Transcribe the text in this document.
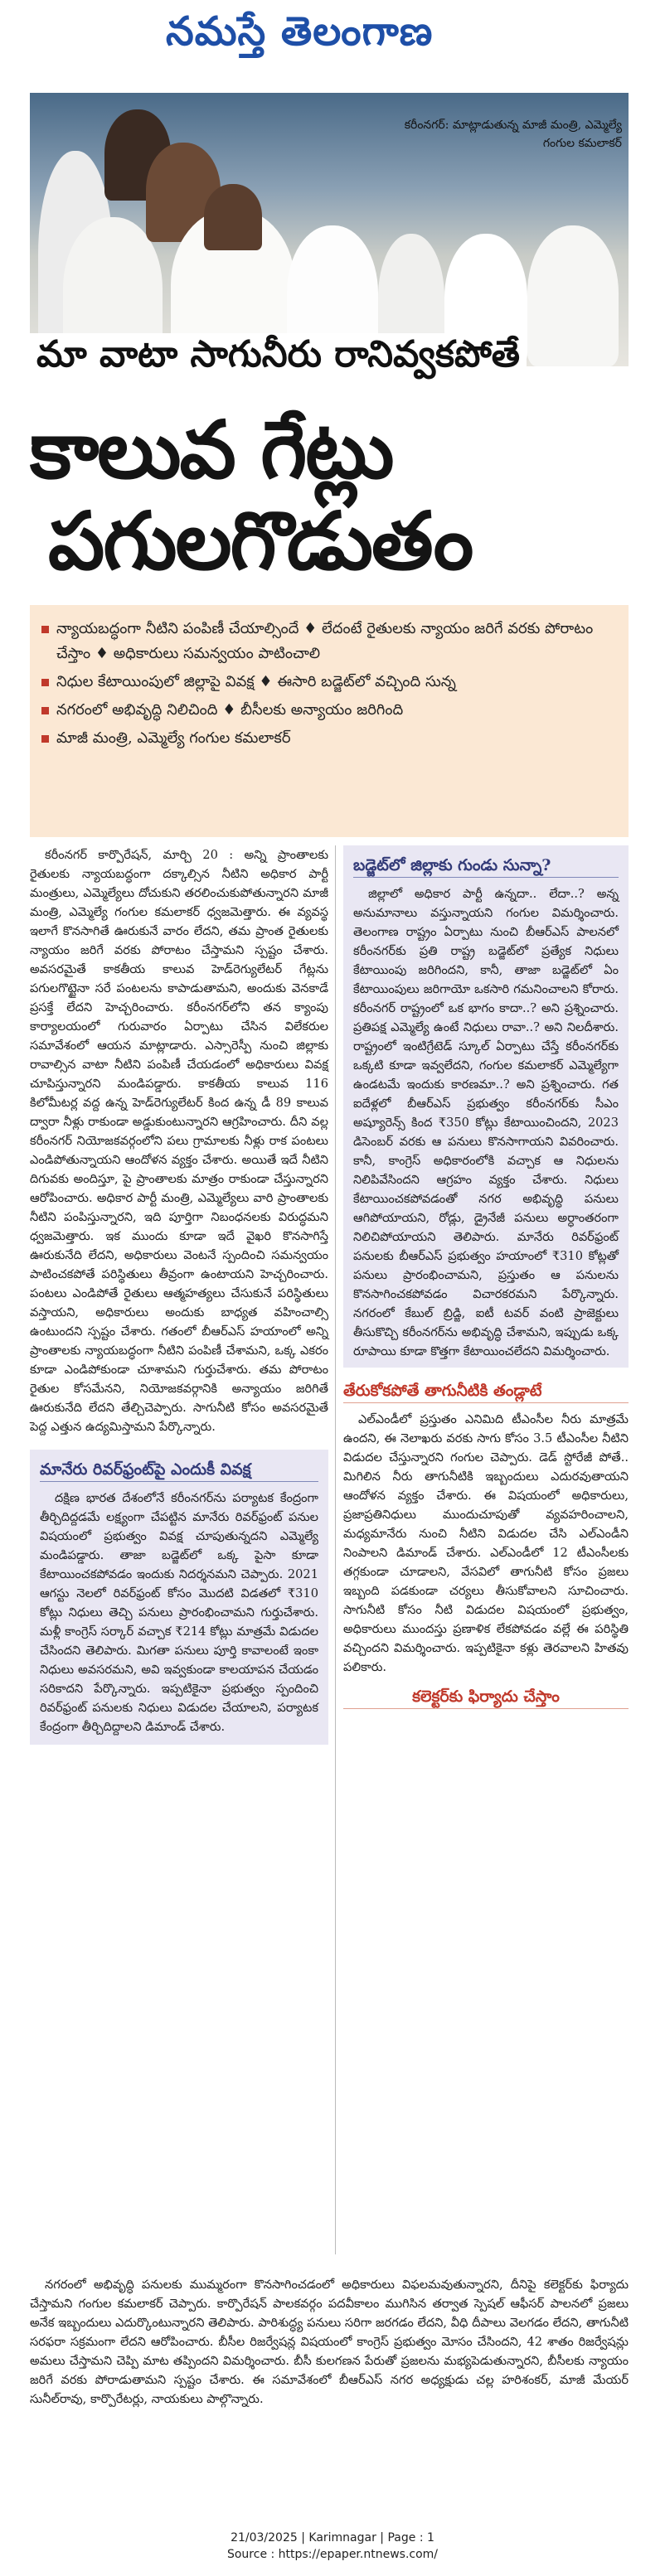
నమస్తే తెలంగాణ
కరీంనగర్: మాట్లాడుతున్న మాజీ మంత్రి, ఎమ్మెల్యే గంగుల కమలాకర్
మా వాటా సాగునీరు రానివ్వకపోతే
కాలువ గేట్లు
పగులగొడుతం
న్యాయబద్ధంగా నీటిని పంపిణీ చేయాల్సిందే ♦ లేదంటే రైతులకు న్యాయం జరిగే వరకు పోరాటం చేస్తాం ♦ అధికారులు సమన్వయం పాటించాలి
నిధుల కేటాయింపులో జిల్లాపై వివక్ష ♦ ఈసారి బడ్జెట్‌లో వచ్చింది సున్న
నగరంలో అభివృద్ధి నిలిచింది ♦ బీసీలకు అన్యాయం జరిగింది
మాజీ మంత్రి, ఎమ్మెల్యే గంగుల కమలాకర్

కరీంనగర్ కార్పొరేషన్, మార్చి 20 : అన్ని ప్రాంతాలకు రైతులకు న్యాయబద్ధంగా దక్కాల్సిన నీటిని అధికార పార్టీ మంత్రులు, ఎమ్మెల్యేలు దోచుకుని తరలించుకుపోతున్నారని మాజీ మంత్రి, ఎమ్మెల్యే గంగుల కమలాకర్ ధ్వజమెత్తారు. ఈ వ్యవస్థ ఇలాగే కొనసాగితే ఊరుకునే వారం లేదని, తమ ప్రాంత రైతులకు న్యాయం జరిగే వరకు పోరాటం చేస్తామని స్పష్టం చేశారు. అవసరమైతే కాకతీయ కాలువ హెడ్‌రెగ్యులేటర్ గేట్లను పగులగొట్టైనా సరే పంటలను కాపాడుతామని, అందుకు వెనకాడే ప్రసక్తే లేదని హెచ్చరించారు. కరీంనగర్‌లోని తన క్యాంపు కార్యాలయంలో గురువారం ఏర్పాటు చేసిన విలేకరుల సమావేశంలో ఆయన మాట్లాడారు. ఎస్సారెస్పీ నుంచి జిల్లాకు రావాల్సిన వాటా నీటిని పంపిణీ చేయడంలో అధికారులు వివక్ష చూపిస్తున్నారని మండిపడ్డారు. కాకతీయ కాలువ 116 కిలోమీటర్ల వద్ద ఉన్న హెడ్‌రెగ్యులేటర్ కింద ఉన్న డీ 89 కాలువ ద్వారా నీళ్లు రాకుండా అడ్డుకుంటున్నారని ఆగ్రహించారు. దీని వల్ల కరీంనగర్ నియోజకవర్గంలోని పలు గ్రామాలకు నీళ్లు రాక పంటలు ఎండిపోతున్నాయని ఆందోళన వ్యక్తం చేశారు. అయితే ఇదే నీటిని దిగువకు అందిస్తూ, పై ప్రాంతాలకు మాత్రం రాకుండా చేస్తున్నారని ఆరోపించారు. అధికార పార్టీ మంత్రి, ఎమ్మెల్యేలు వారి ప్రాంతాలకు నీటిని పంపిస్తున్నారని, ఇది పూర్తిగా నిబంధనలకు విరుద్ధమని ధ్వజమెత్తారు. ఇక ముందు కూడా ఇదే వైఖరి కొనసాగిస్తే ఊరుకునేది లేదని, అధికారులు వెంటనే స్పందించి సమన్వయం పాటించకపోతే పరిస్థితులు తీవ్రంగా ఉంటాయని హెచ్చరించారు. పంటలు ఎండిపోతే రైతులు ఆత్మహత్యలు చేసుకునే పరిస్థితులు వస్తాయని, అధికారులు అందుకు బాధ్యత వహించాల్సి ఉంటుందని స్పష్టం చేశారు. గతంలో బీఆర్‌ఎస్ హయాంలో అన్ని ప్రాంతాలకు న్యాయబద్ధంగా నీటిని పంపిణీ చేశామని, ఒక్క ఎకరం కూడా ఎండిపోకుండా చూశామని గుర్తుచేశారు. తమ పోరాటం రైతుల కోసమేనని, నియోజకవర్గానికి అన్యాయం జరిగితే ఊరుకునేది లేదని తేల్చిచెప్పారు. సాగునీటి కోసం అవసరమైతే పెద్ద ఎత్తున ఉద్యమిస్తామని పేర్కొన్నారు.

మానేరు రివర్‌ఫ్రంట్‌పై ఎందుకీ వివక్ష

దక్షిణ భారత దేశంలోనే కరీంనగర్‌ను పర్యాటక కేంద్రంగా తీర్చిదిద్దడమే లక్ష్యంగా చేపట్టిన మానేరు రివర్‌ఫ్రంట్ పనుల విషయంలో ప్రభుత్వం వివక్ష చూపుతున్నదని ఎమ్మెల్యే మండిపడ్డారు. తాజా బడ్జెట్‌లో ఒక్క పైసా కూడా కేటాయించకపోవడం ఇందుకు నిదర్శనమని చెప్పారు. 2021 ఆగస్టు నెలలో రివర్‌ఫ్రంట్ కోసం మొదటి విడతలో ₹310 కోట్లు నిధులు తెచ్చి పనులు ప్రారంభించామని గుర్తుచేశారు. మళ్లీ కాంగ్రెస్ సర్కార్ వచ్చాక ₹214 కోట్లు మాత్రమే విడుదల చేసిందని తెలిపారు. మిగతా పనులు పూర్తి కావాలంటే ఇంకా నిధులు అవసరమని, అవి ఇవ్వకుండా కాలయాపన చేయడం సరికాదని పేర్కొన్నారు. ఇప్పటికైనా ప్రభుత్వం స్పందించి రివర్‌ఫ్రంట్ పనులకు నిధులు విడుదల చేయాలని, పర్యాటక కేంద్రంగా తీర్చిదిద్దాలని డిమాండ్ చేశారు.

బడ్జెట్‌లో జిల్లాకు గుండు సున్నా?

జిల్లాలో అధికార పార్టీ ఉన్నదా.. లేదా..? అన్న అనుమానాలు వస్తున్నాయని గంగుల విమర్శించారు. తెలంగాణ రాష్ట్రం ఏర్పాటు నుంచి బీఆర్‌ఎస్ పాలనలో కరీంనగర్‌కు ప్రతి రాష్ట్ర బడ్జెట్‌లో ప్రత్యేక నిధులు కేటాయింపు జరిగిందని, కానీ, తాజా బడ్జెట్‌లో ఏం కేటాయింపులు జరిగాయో ఒకసారి గమనించాలని కోరారు. కరీంనగర్ రాష్ట్రంలో ఒక భాగం కాదా..? అని ప్రశ్నించారు. ప్రతిపక్ష ఎమ్మెల్యే ఉంటే నిధులు రావా..? అని నిలదీశారు. రాష్ట్రంలో ఇంటిగ్రేటెడ్ స్కూల్ ఏర్పాటు చేస్తే కరీంనగర్‌కు ఒక్కటి కూడా ఇవ్వలేదని, గంగుల కమలాకర్ ఎమ్మెల్యేగా ఉండటమే ఇందుకు కారణమా..? అని ప్రశ్నించారు. గత ఐదేళ్లలో బీఆర్‌ఎస్ ప్రభుత్వం కరీంనగర్‌కు సీఎం అష్యూరెన్స్ కింద ₹350 కోట్లు కేటాయించిందని, 2023 డిసెంబర్ వరకు ఆ పనులు కొనసాగాయని వివరించారు. కానీ, కాంగ్రెస్ అధికారంలోకి వచ్చాక ఆ నిధులను నిలిపివేసిందని ఆగ్రహం వ్యక్తం చేశారు. నిధులు కేటాయించకపోవడంతో నగర అభివృద్ధి పనులు ఆగిపోయాయని, రోడ్లు, డ్రైనేజీ పనులు అర్ధాంతరంగా నిలిచిపోయాయని తెలిపారు. మానేరు రివర్‌ఫ్రంట్ పనులకు బీఆర్‌ఎస్ ప్రభుత్వం హయాంలో ₹310 కోట్లతో పనులు ప్రారంభించామని, ప్రస్తుతం ఆ పనులను కొనసాగించకపోవడం విచారకరమని పేర్కొన్నారు. నగరంలో కేబుల్ బ్రిడ్జి, ఐటీ టవర్ వంటి ప్రాజెక్టులు తీసుకొచ్చి కరీంనగర్‌ను అభివృద్ధి చేశామని, ఇప్పుడు ఒక్క రూపాయి కూడా కొత్తగా కేటాయించలేదని విమర్శించారు.

తేరుకోకపోతే తాగునీటికి తండ్లాటే

ఎల్‌ఎండీలో ప్రస్తుతం ఎనిమిది టీఎంసీల నీరు మాత్రమే ఉందని, ఈ నెలాఖరు వరకు సాగు కోసం 3.5 టీఎంసీల నీటిని విడుదల చేస్తున్నారని గంగుల చెప్పారు. డెడ్ స్టోరేజీ పోతే.. మిగిలిన నీరు తాగునీటికి ఇబ్బందులు ఎదురవుతాయని ఆందోళన వ్యక్తం చేశారు. ఈ విషయంలో అధికారులు, ప్రజాప్రతినిధులు ముందుచూపుతో వ్యవహరించాలని, మధ్యమానేరు నుంచి నీటిని విడుదల చేసి ఎల్‌ఎండీని నింపాలని డిమాండ్ చేశారు. ఎల్‌ఎండీలో 12 టీఎంసీలకు తగ్గకుండా చూడాలని, వేసవిలో తాగునీటి కోసం ప్రజలు ఇబ్బంది పడకుండా చర్యలు తీసుకోవాలని సూచించారు. సాగునీటి కోసం నీటి విడుదల విషయంలో ప్రభుత్వం, అధికారులు ముందస్తు ప్రణాళిక లేకపోవడం వల్లే ఈ పరిస్థితి వచ్చిందని విమర్శించారు. ఇప్పటికైనా కళ్లు తెరవాలని హితవు పలికారు.

కలెక్టర్‌కు ఫిర్యాదు చేస్తాం

నగరంలో అభివృద్ధి పనులకు ముమ్మరంగా కొనసాగించడంలో అధికారులు విఫలమవుతున్నారని, దీనిపై కలెక్టర్‌కు ఫిర్యాదు చేస్తామని గంగుల కమలాకర్ చెప్పారు. కార్పొరేషన్ పాలకవర్గం పదవీకాలం ముగిసిన తర్వాత స్పెషల్ ఆఫీసర్ పాలనలో ప్రజలు అనేక ఇబ్బందులు ఎదుర్కొంటున్నారని తెలిపారు. పారిశుద్ధ్య పనులు సరిగా జరగడం లేదని, వీధి దీపాలు వెలగడం లేదని, తాగునీటి సరఫరా సక్రమంగా లేదని ఆరోపించారు. బీసీల రిజర్వేషన్ల విషయంలో కాంగ్రెస్ ప్రభుత్వం మోసం చేసిందని, 42 శాతం రిజర్వేషన్లు అమలు చేస్తామని చెప్పి మాట తప్పిందని విమర్శించారు. బీసీ కులగణన పేరుతో ప్రజలను మభ్యపెడుతున్నారని, బీసీలకు న్యాయం జరిగే వరకు పోరాడుతామని స్పష్టం చేశారు. ఈ సమావేశంలో బీఆర్‌ఎస్ నగర అధ్యక్షుడు చల్ల హరిశంకర్, మాజీ మేయర్ సునీల్‌రావు, కార్పొరేటర్లు, నాయకులు పాల్గొన్నారు.

21/03/2025 | Karimnagar | Page : 1
Source : https://epaper.ntnews.com/
